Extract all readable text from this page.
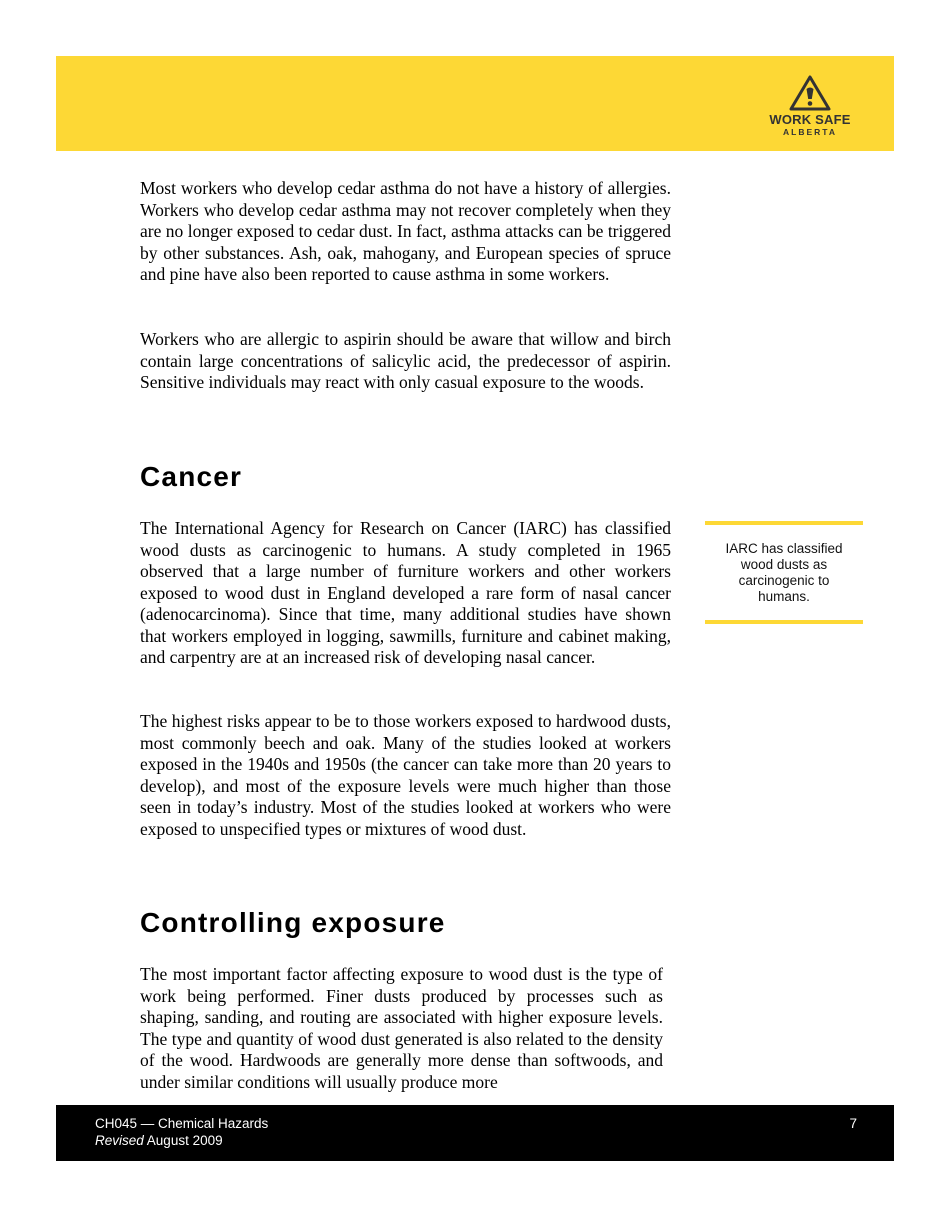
WORK SAFE
ALBERTA

Most workers who develop cedar asthma do not have a history of allergies. Workers who develop cedar asthma may not recover completely when they are no longer exposed to cedar dust. In fact, asthma attacks can be triggered by other substances. Ash, oak, mahogany, and European species of spruce and pine have also been reported to cause asthma in some workers.

Workers who are allergic to aspirin should be aware that willow and birch contain large concentrations of salicylic acid, the predecessor of aspirin. Sensitive individuals may react with only casual exposure to the woods.

Cancer

The International Agency for Research on Cancer (IARC) has classified wood dusts as carcinogenic to humans. A study completed in 1965 observed that a large number of furniture workers and other workers exposed to wood dust in England developed a rare form of nasal cancer (adenocarcinoma). Since that time, many additional studies have shown that workers employed in logging, sawmills, furniture and cabinet making, and carpentry are at an increased risk of developing nasal cancer.

The highest risks appear to be to those workers exposed to hardwood dusts, most commonly beech and oak. Many of the studies looked at workers exposed in the 1940s and 1950s (the cancer can take more than 20 years to develop), and most of the exposure levels were much higher than those seen in today’s industry. Most of the studies looked at workers who were exposed to unspecified types or mixtures of wood dust.

Controlling exposure

The most important factor affecting exposure to wood dust is the type of work being performed. Finer dusts produced by processes such as shaping, sanding, and routing are associated with higher exposure levels. The type and quantity of wood dust generated is also related to the density of the wood. Hardwoods are generally more dense than softwoods, and under similar conditions will usually produce more

IARC has classified wood dusts as carcinogenic to humans.
CH045 — Chemical Hazards
Revised August 2009
7
